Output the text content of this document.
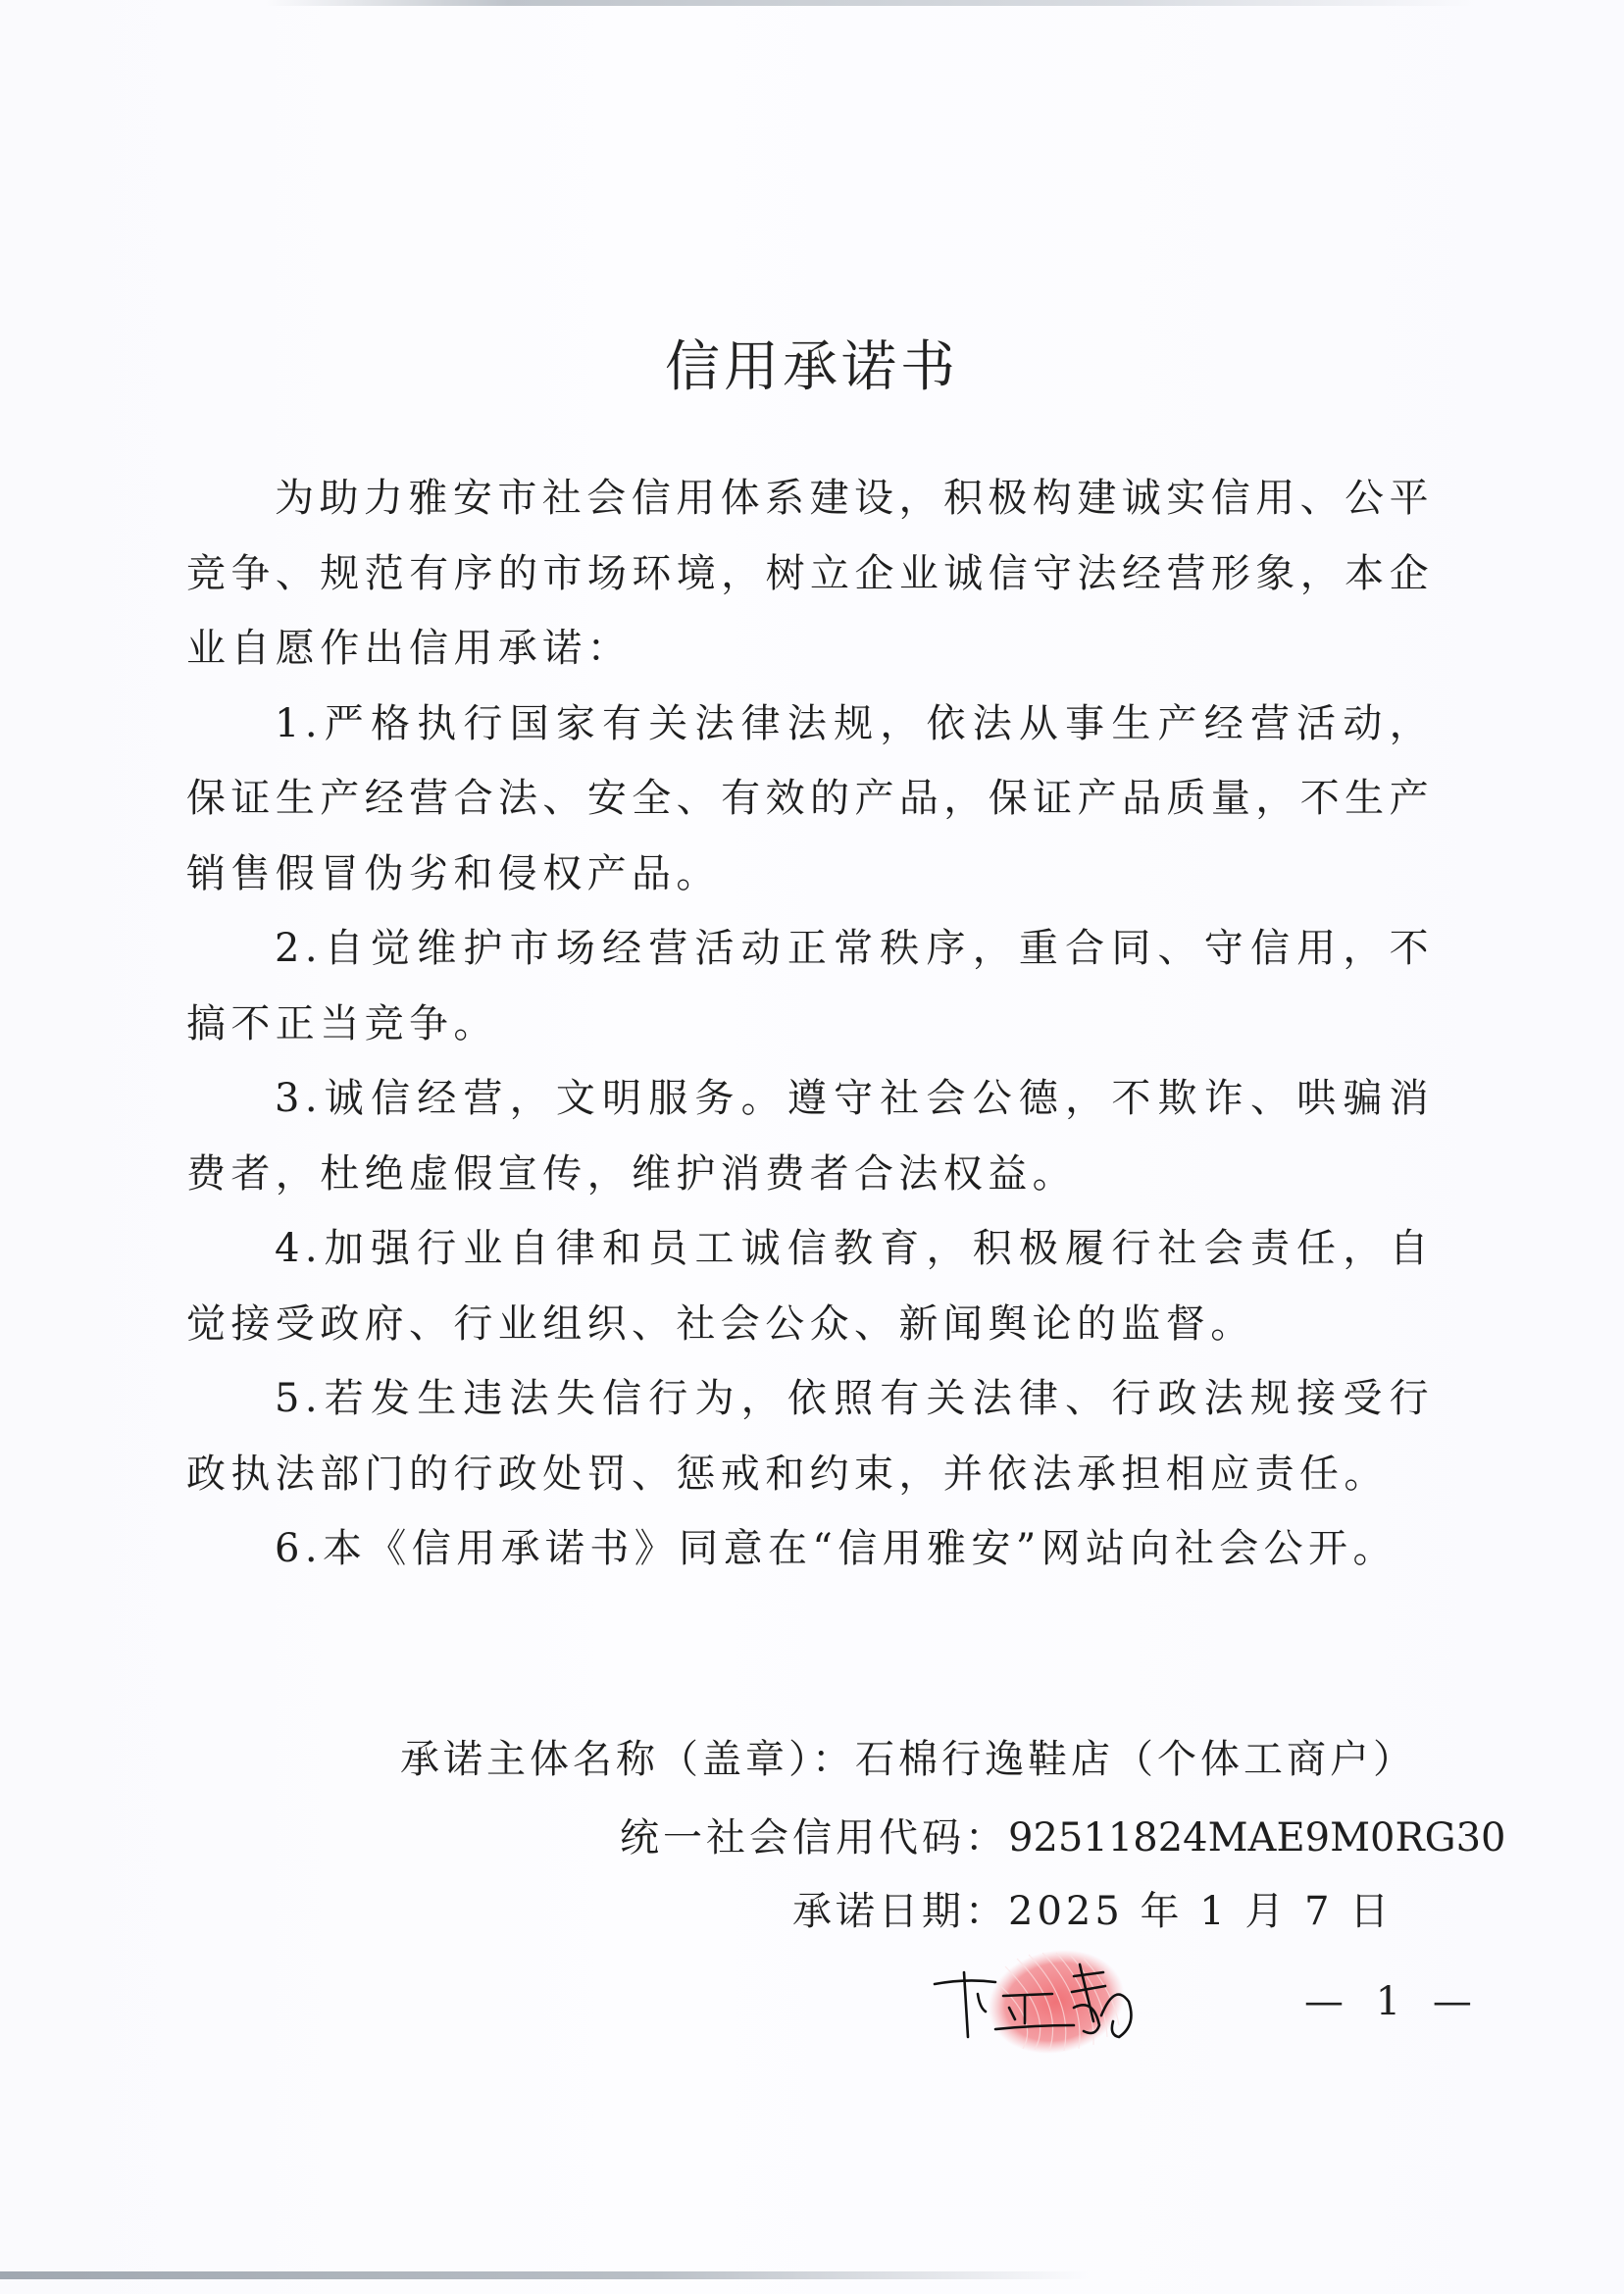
信用承诺书

为助力雅安市社会信用体系建设，积极构建诚实信用、公平竞争、规范有序的市场环境，树立企业诚信守法经营形象，本企业自愿作出信用承诺：

1.严格执行国家有关法律法规，依法从事生产经营活动，保证生产经营合法、安全、有效的产品，保证产品质量，不生产销售假冒伪劣和侵权产品。

2.自觉维护市场经营活动正常秩序，重合同、守信用，不搞不正当竞争。

3.诚信经营，文明服务。遵守社会公德，不欺诈、哄骗消费者，杜绝虚假宣传，维护消费者合法权益。

4.加强行业自律和员工诚信教育，积极履行社会责任，自觉接受政府、行业组织、社会公众、新闻舆论的监督。

5.若发生违法失信行为，依照有关法律、行政法规接受行政执法部门的行政处罚、惩戒和约束，并依法承担相应责任。

6.本《信用承诺书》同意在“信用雅安”网站向社会公开。

承诺主体名称（盖章）：石棉行逸鞋店（个体工商户）
统一社会信用代码：92511824MAE9M0RG30
承诺日期：2025 年 1 月 7 日
— 1 —
